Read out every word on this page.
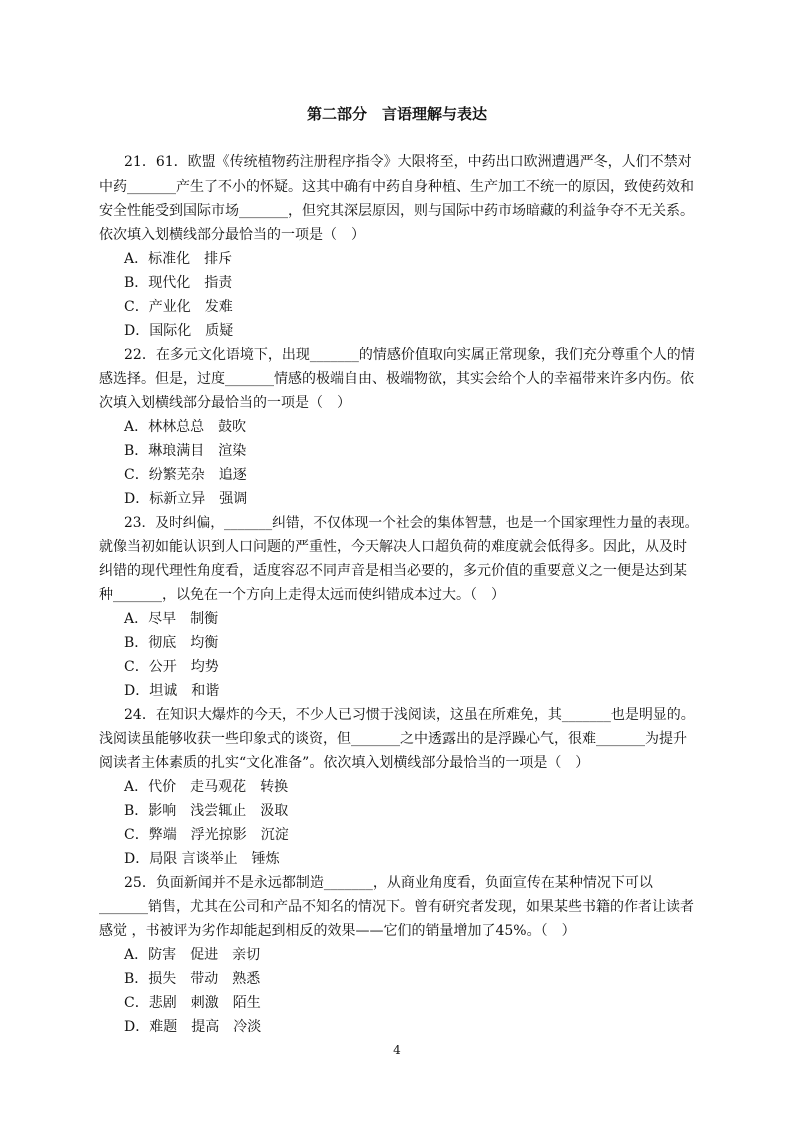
第二部分　言语理解与表达
21．61．欧盟《传统植物药注册程序指令》大限将至，中药出口欧洲遭遇严冬，人们不禁对
中药_______产生了不小的怀疑。这其中确有中药自身种植、生产加工不统一的原因，致使药效和
安全性能受到国际市场_______，但究其深层原因，则与国际中药市场暗藏的利益争夺不无关系。
依次填入划横线部分最恰当的一项是（　）
A．标准化　排斥
B．现代化　指责
C．产业化　发难
D．国际化　质疑
22．在多元文化语境下，出现_______的情感价值取向实属正常现象，我们充分尊重个人的情
感选择。但是，过度_______情感的极端自由、极端物欲，其实会给个人的幸福带来许多内伤。依
次填入划横线部分最恰当的一项是（　）
A．林林总总　鼓吹
B．琳琅满目　渲染
C．纷繁芜杂　追逐
D．标新立异　强调
23．及时纠偏，_______纠错，不仅体现一个社会的集体智慧，也是一个国家理性力量的表现。
就像当初如能认识到人口问题的严重性，今天解决人口超负荷的难度就会低得多。因此，从及时
纠错的现代理性角度看，适度容忍不同声音是相当必要的，多元价值的重要意义之一便是达到某
种_______，以免在一个方向上走得太远而使纠错成本过大。（　）
A．尽早　制衡
B．彻底　均衡
C．公开　均势
D．坦诚　和谐
24．在知识大爆炸的今天，不少人已习惯于浅阅读，这虽在所难免，其_______也是明显的。
浅阅读虽能够收获一些印象式的谈资，但_______之中透露出的是浮躁心气，很难_______为提升
阅读者主体素质的扎实“文化准备”。依次填入划横线部分最恰当的一项是（　）
A．代价　走马观花　转换
B．影响　浅尝辄止　汲取
C．弊端　浮光掠影　沉淀
D．局限 言谈举止　锤炼
25．负面新闻并不是永远都制造_______，从商业角度看，负面宣传在某种情况下可以
_______销售，尤其在公司和产品不知名的情况下。曾有研究者发现，如果某些书籍的作者让读者
感觉 ，书被评为劣作却能起到相反的效果——它们的销量增加了45%。（　）
A．防害　促进　亲切
B．损失　带动　熟悉
C．悲剧　刺激　陌生
D．难题　提高　冷淡
4
